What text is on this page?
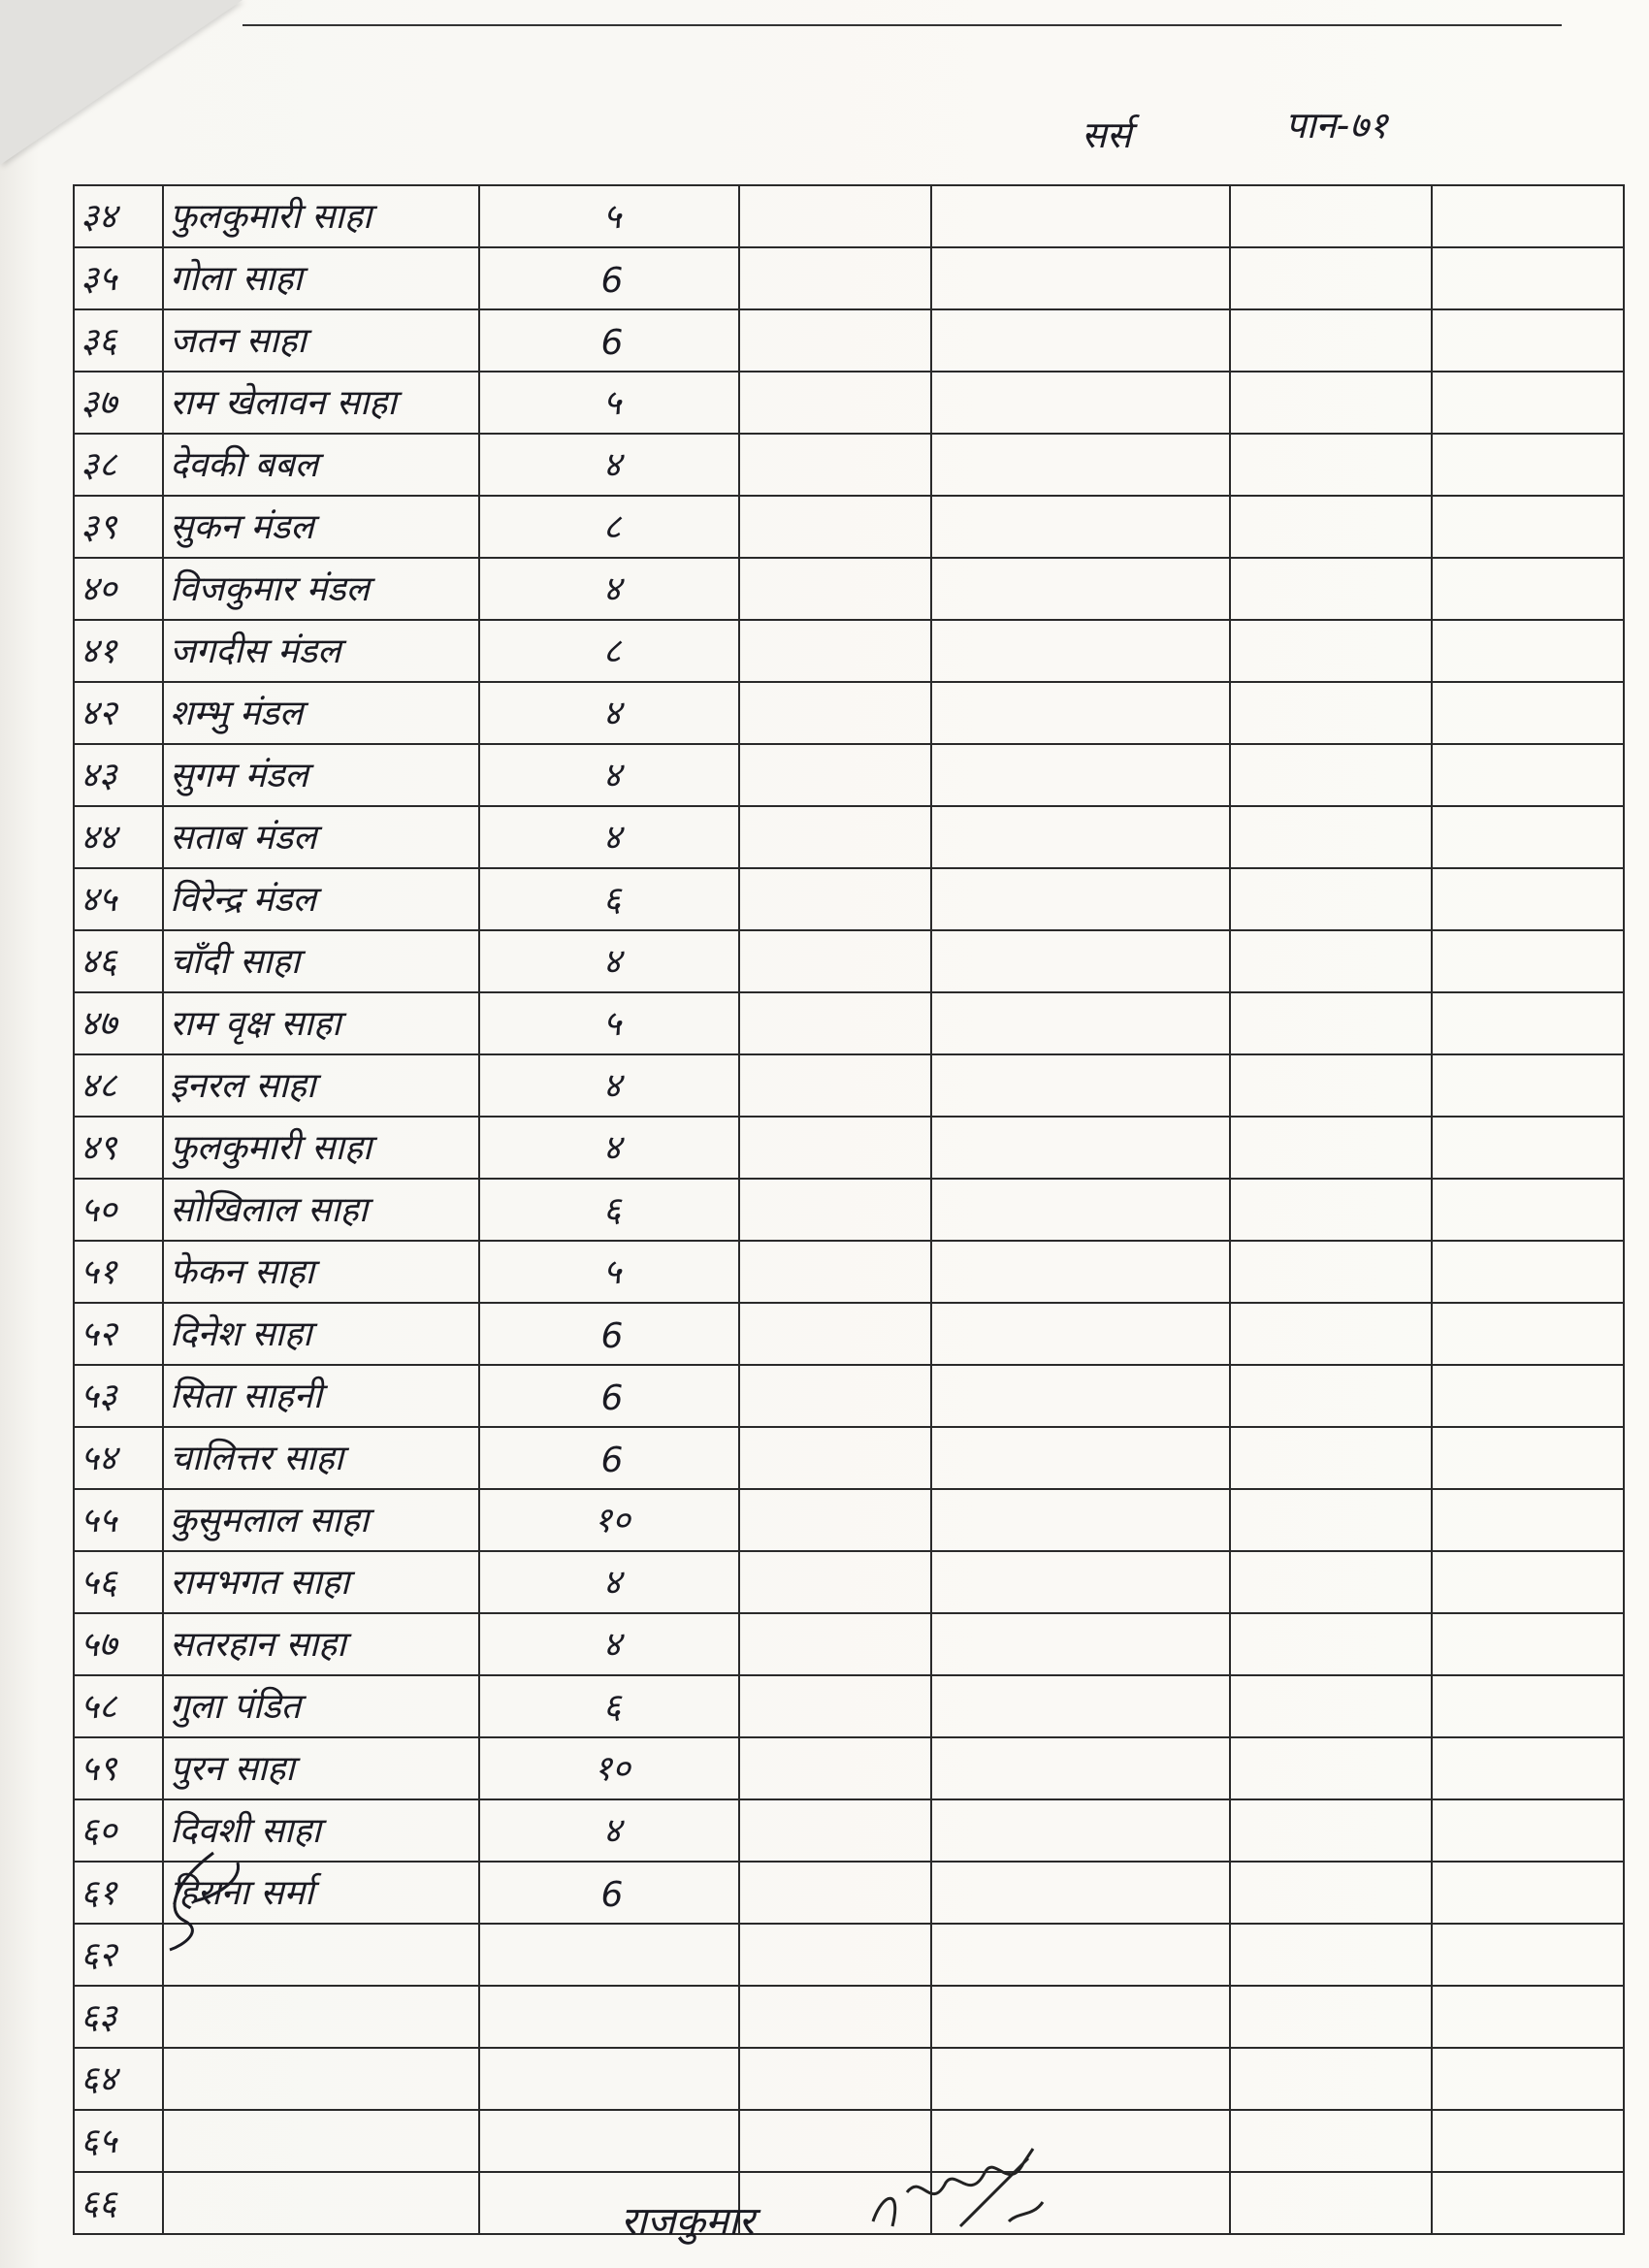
सर्स	पान-७१
३४	फुलकुमारी साहा	५				
३५	गोला साहा	6				
३६	जतन साहा	6				
३७	राम खेलावन साहा	५				
३८	देवकी बबल	४				
३९	सुकन मंडल	८				
४०	विजकुमार मंडल	४				
४१	जगदीस मंडल	८				
४२	शम्भु मंडल	४				
४३	सुगम मंडल	४				
४४	सताब मंडल	४				
४५	विरेन्द्र मंडल	६				
४६	चाँदी साहा	४				
४७	राम वृक्ष साहा	५				
४८	इनरल साहा	४				
४९	फुलकुमारी साहा	४				
५०	सोखिलाल साहा	६				
५१	फेकन साहा	५				
५२	दिनेश साहा	6				
५३	सिता साहनी	6				
५४	चालित्तर साहा	6				
५५	कुसुमलाल साहा	१०				
५६	रामभगत साहा	४				
५७	सतरहान साहा	४				
५८	गुला पंडित	६				
५९	पुरन साहा	१०				
६०	दिवशी साहा	४				
६१	हिराना सर्मा	6				
६२						
६३						
६४						
६५						
६६							राजकुमार
